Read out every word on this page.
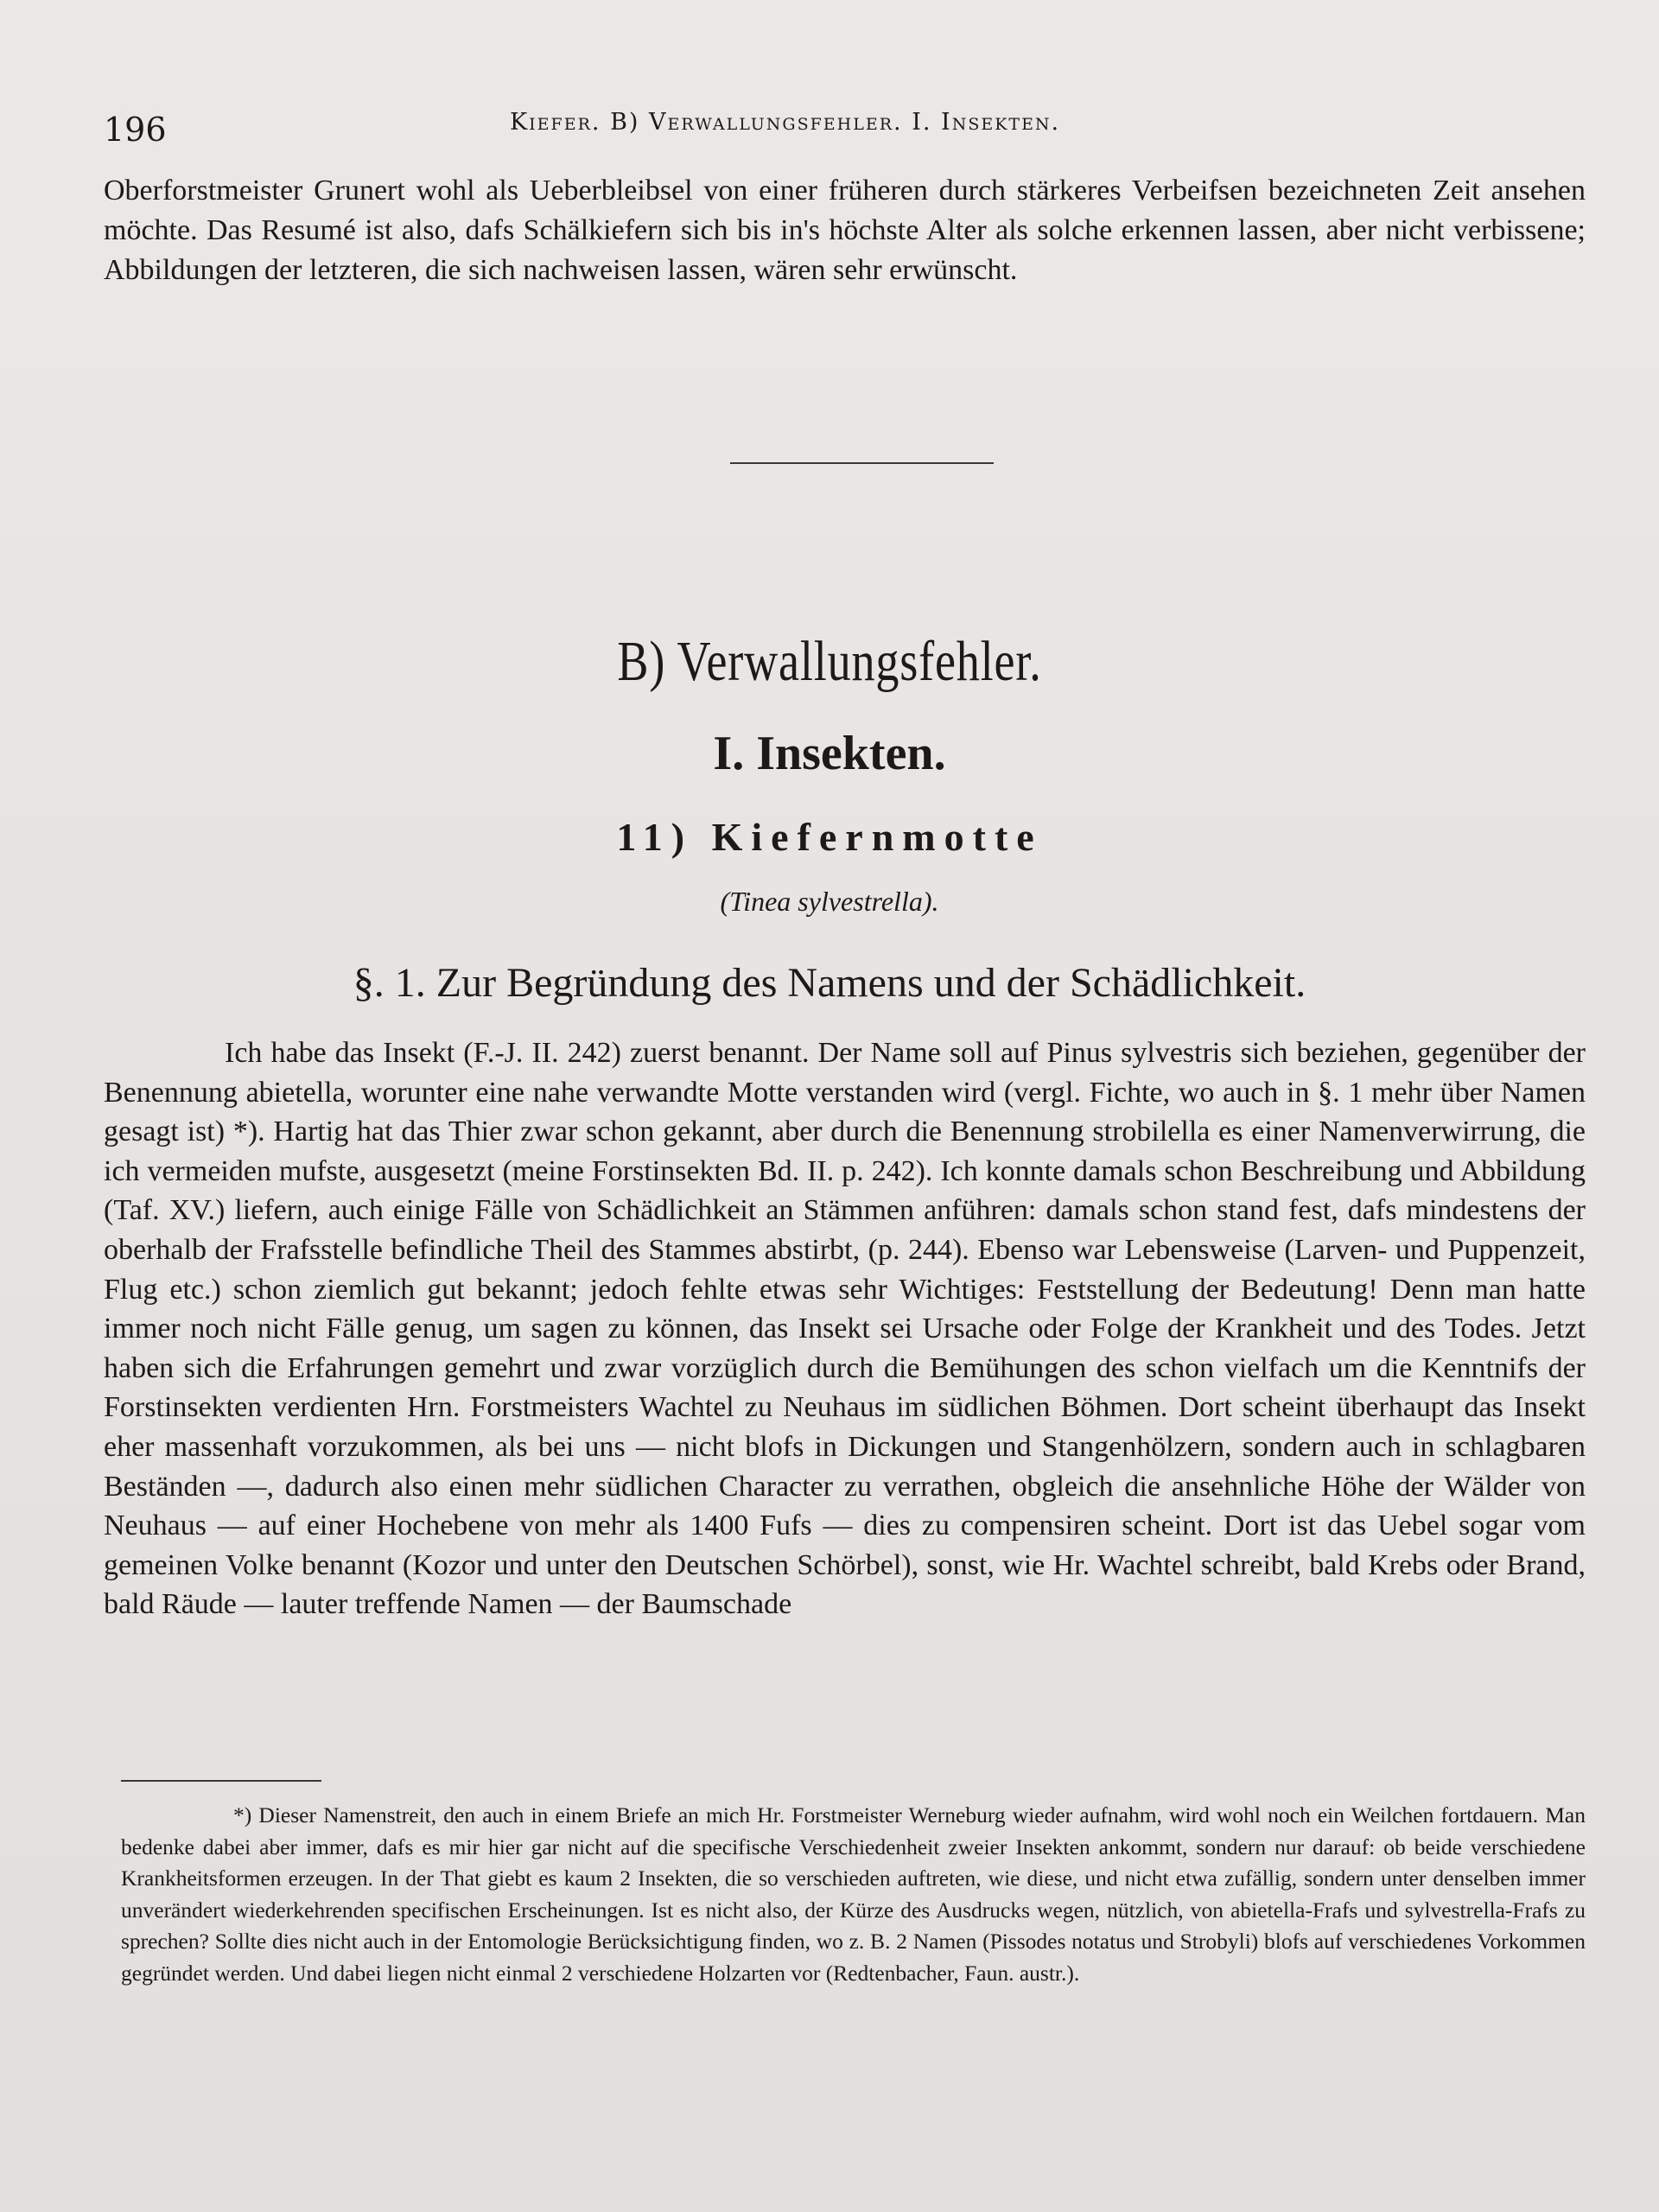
196	Kiefer. B) Verwallungsfehler. I. Insekten.
Oberforstmeister Grunert wohl als Ueberbleibsel von einer früheren durch stärkeres Verbeifsen bezeichneten Zeit ansehen möchte. Das Resumé ist also, dafs Schälkiefern sich bis in's höchste Alter als solche erkennen lassen, aber nicht verbissene; Abbildungen der letzteren, die sich nachweisen lassen, wären sehr erwünscht.
B) Verwallungsfehler.
I. Insekten.
11) Kiefernmotte
(Tinea sylvestrella).
§. 1. Zur Begründung des Namens und der Schädlichkeit.
Ich habe das Insekt (F.-J. II. 242) zuerst benannt. Der Name soll auf Pinus sylvestris sich beziehen, gegenüber der Benennung abietella, worunter eine nahe verwandte Motte verstanden wird (vergl. Fichte, wo auch in §. 1 mehr über Namen gesagt ist) *). Hartig hat das Thier zwar schon gekannt, aber durch die Benennung strobilella es einer Namenverwirrung, die ich vermeiden mufste, ausgesetzt (meine Forstinsekten Bd. II. p. 242). Ich konnte damals schon Beschreibung und Abbildung (Taf. XV.) liefern, auch einige Fälle von Schädlichkeit an Stämmen anführen: damals schon stand fest, dafs mindestens der oberhalb der Frafsstelle befindliche Theil des Stammes abstirbt, (p. 244). Ebenso war Lebensweise (Larven- und Puppenzeit, Flug etc.) schon ziemlich gut bekannt; jedoch fehlte etwas sehr Wichtiges: Feststellung der Bedeutung! Denn man hatte immer noch nicht Fälle genug, um sagen zu können, das Insekt sei Ursache oder Folge der Krankheit und des Todes. Jetzt haben sich die Erfahrungen gemehrt und zwar vorzüglich durch die Bemühungen des schon vielfach um die Kenntnifs der Forstinsekten verdienten Hrn. Forstmeisters Wachtel zu Neuhaus im südlichen Böhmen. Dort scheint überhaupt das Insekt eher massenhaft vorzukommen, als bei uns — nicht blofs in Dickungen und Stangenhölzern, sondern auch in schlagbaren Beständen —, dadurch also einen mehr südlichen Character zu verrathen, obgleich die ansehnliche Höhe der Wälder von Neuhaus — auf einer Hochebene von mehr als 1400 Fufs — dies zu compensiren scheint. Dort ist das Uebel sogar vom gemeinen Volke benannt (Kozor und unter den Deutschen Schörbel), sonst, wie Hr. Wachtel schreibt, bald Krebs oder Brand, bald Räude — lauter treffende Namen — der Baumschade
*) Dieser Namenstreit, den auch in einem Briefe an mich Hr. Forstmeister Werneburg wieder aufnahm, wird wohl noch ein Weilchen fortdauern. Man bedenke dabei aber immer, dafs es mir hier gar nicht auf die specifische Verschiedenheit zweier Insekten ankommt, sondern nur darauf: ob beide verschiedene Krankheitsformen erzeugen. In der That giebt es kaum 2 Insekten, die so verschieden auftreten, wie diese, und nicht etwa zufällig, sondern unter denselben immer unverändert wiederkehrenden specifischen Erscheinungen. Ist es nicht also, der Kürze des Ausdrucks wegen, nützlich, von abietella-Frafs und sylvestrella-Frafs zu sprechen? Sollte dies nicht auch in der Entomologie Berücksichtigung finden, wo z. B. 2 Namen (Pissodes notatus und Strobyli) blofs auf verschiedenes Vorkommen gegründet werden. Und dabei liegen nicht einmal 2 verschiedene Holzarten vor (Redtenbacher, Faun. austr.).
